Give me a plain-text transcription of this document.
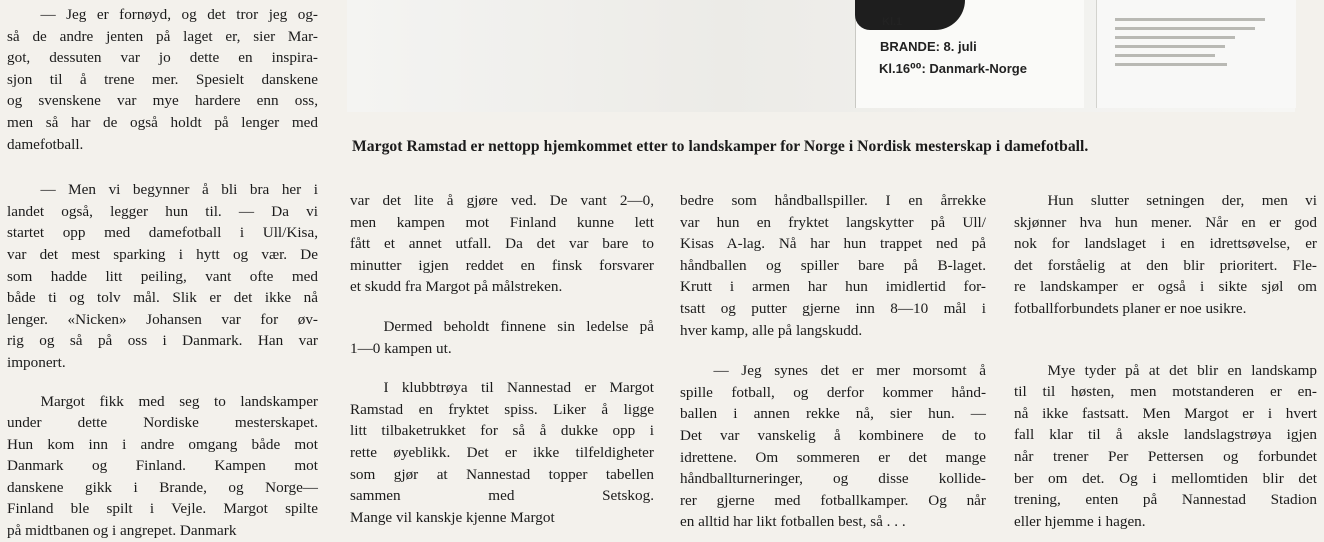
Kl.1
BRANDE: 8. juli
Kl.16⁰⁰: Danmark-Norge
Margot Ramstad er nettopp hjemkommet etter to landskamper for Norge i Nordisk mesterskap i damefotball.

— Jeg er fornøyd, og det tror jeg og-
så de andre jenten på laget er, sier Mar-
got, dessuten var jo dette en inspira-
sjon til å trene mer. Spesielt danskene
og svenskene var mye hardere enn oss,
men så har de også holdt på lenger med
damefotball.

— Men vi begynner å bli bra her i
landet også, legger hun til. — Da vi
startet opp med damefotball i Ull/Kisa,
var det mest sparking i hytt og vær. De
som hadde litt peiling, vant ofte med
både ti og tolv mål. Slik er det ikke nå
lenger. «Nicken» Johansen var for øv-
rig og så på oss i Danmark. Han var
imponert.

Margot fikk med seg to landskamper
under dette Nordiske mesterskapet.
Hun kom inn i andre omgang både mot
Danmark og Finland. Kampen mot
danskene gikk i Brande, og Norge—
Finland ble spilt i Vejle. Margot spilte
på midtbanen og i angrepet. Danmark

var det lite å gjøre ved. De vant 2—0,
men kampen mot Finland kunne lett
fått et annet utfall. Da det var bare to
minutter igjen reddet en finsk forsvarer
et skudd fra Margot på målstreken.

Dermed beholdt finnene sin ledelse på
1—0 kampen ut.

I klubbtrøya til Nannestad er Margot
Ramstad en fryktet spiss. Liker å ligge
litt tilbaketrukket for så å dukke opp i
rette øyeblikk. Det er ikke tilfeldigheter
som gjør at Nannestad topper tabellen
sammen med Setskog.
Mange vil kanskje kjenne Margot

bedre som håndballspiller. I en årrekke
var hun en fryktet langskytter på Ull/
Kisas A-lag. Nå har hun trappet ned på
håndballen og spiller bare på B-laget.
Krutt i armen har hun imidlertid for-
tsatt og putter gjerne inn 8—10 mål i
hver kamp, alle på langskudd.

— Jeg synes det er mer morsomt å
spille fotball, og derfor kommer hånd-
ballen i annen rekke nå, sier hun. —
Det var vanskelig å kombinere de to
idrettene. Om sommeren er det mange
håndballturneringer, og disse kollide-
rer gjerne med fotballkamper. Og når
en alltid har likt fotballen best, så . . .

Hun slutter setningen der, men vi
skjønner hva hun mener. Når en er god
nok for landslaget i en idrettsøvelse, er
det forståelig at den blir prioritert. Fle-
re landskamper er også i sikte sjøl om
fotballforbundets planer er noe usikre.

Mye tyder på at det blir en landskamp
til til høsten, men motstanderen er en-
nå ikke fastsatt. Men Margot er i hvert
fall klar til å aksle landslagstrøya igjen
når trener Per Pettersen og forbundet
ber om det. Og i mellomtiden blir det
trening, enten på Nannestad Stadion
eller hjemme i hagen.
